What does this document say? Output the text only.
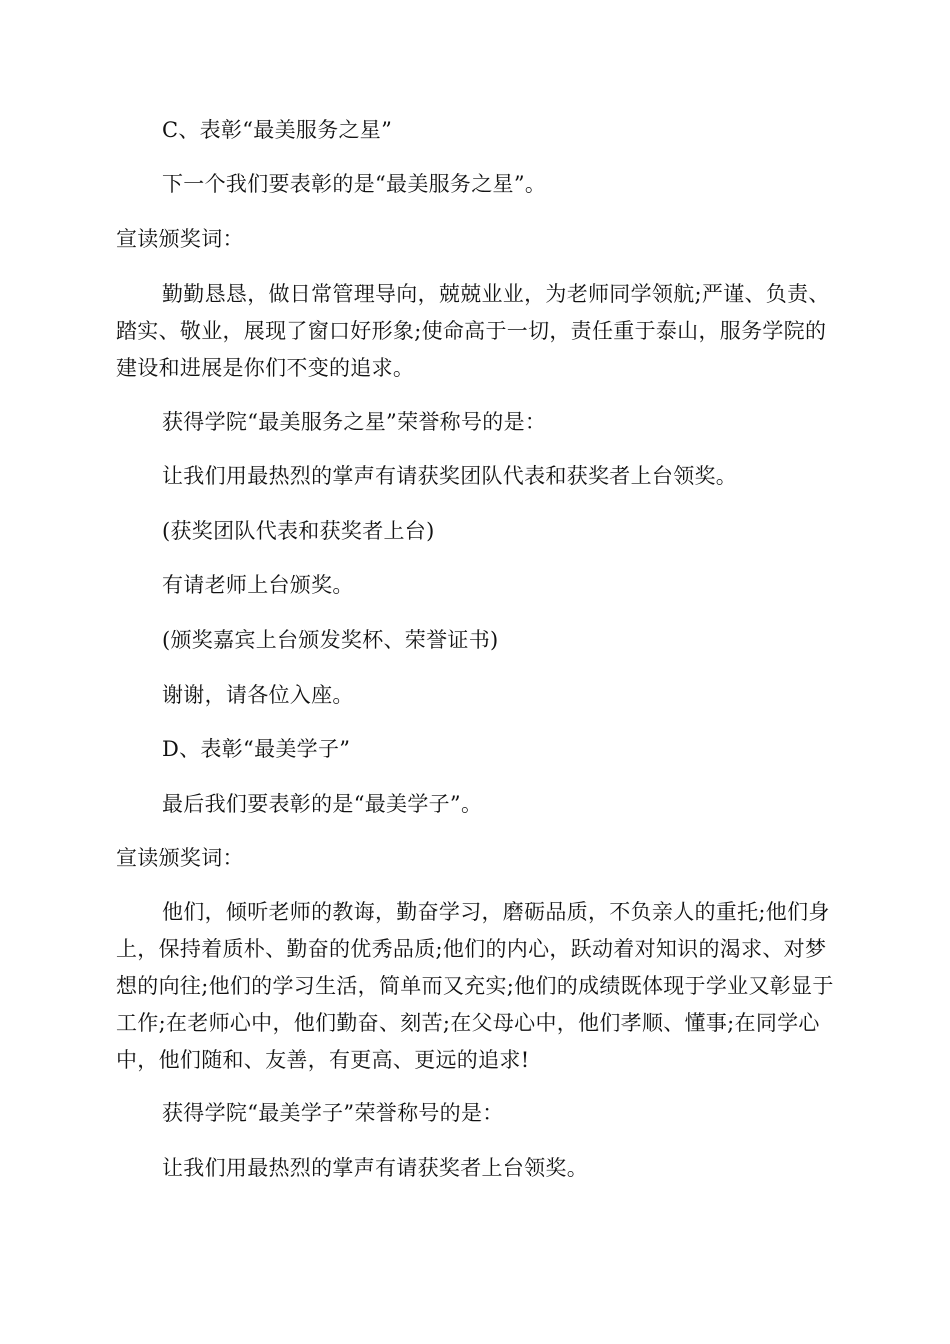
C、表彰“最美服务之星”

下一个我们要表彰的是“最美服务之星”。

宣读颁奖词：

勤勤恳恳，做日常管理导向，兢兢业业，为老师同学领航;严谨、负责、踏实、敬业，展现了窗口好形象;使命高于一切，责任重于泰山，服务学院的建设和进展是你们不变的追求。

获得学院“最美服务之星”荣誉称号的是：

让我们用最热烈的掌声有请获奖团队代表和获奖者上台领奖。

(获奖团队代表和获奖者上台)

有请老师上台颁奖。

(颁奖嘉宾上台颁发奖杯、荣誉证书)

谢谢，请各位入座。

D、表彰“最美学子”

最后我们要表彰的是“最美学子”。

宣读颁奖词：

他们，倾听老师的教诲，勤奋学习，磨砺品质，不负亲人的重托;他们身上，保持着质朴、勤奋的优秀品质;他们的内心，跃动着对知识的渴求、对梦想的向往;他们的学习生活，简单而又充实;他们的成绩既体现于学业又彰显于工作;在老师心中，他们勤奋、刻苦;在父母心中，他们孝顺、懂事;在同学心中，他们随和、友善，有更高、更远的追求!

获得学院“最美学子”荣誉称号的是：

让我们用最热烈的掌声有请获奖者上台领奖。
